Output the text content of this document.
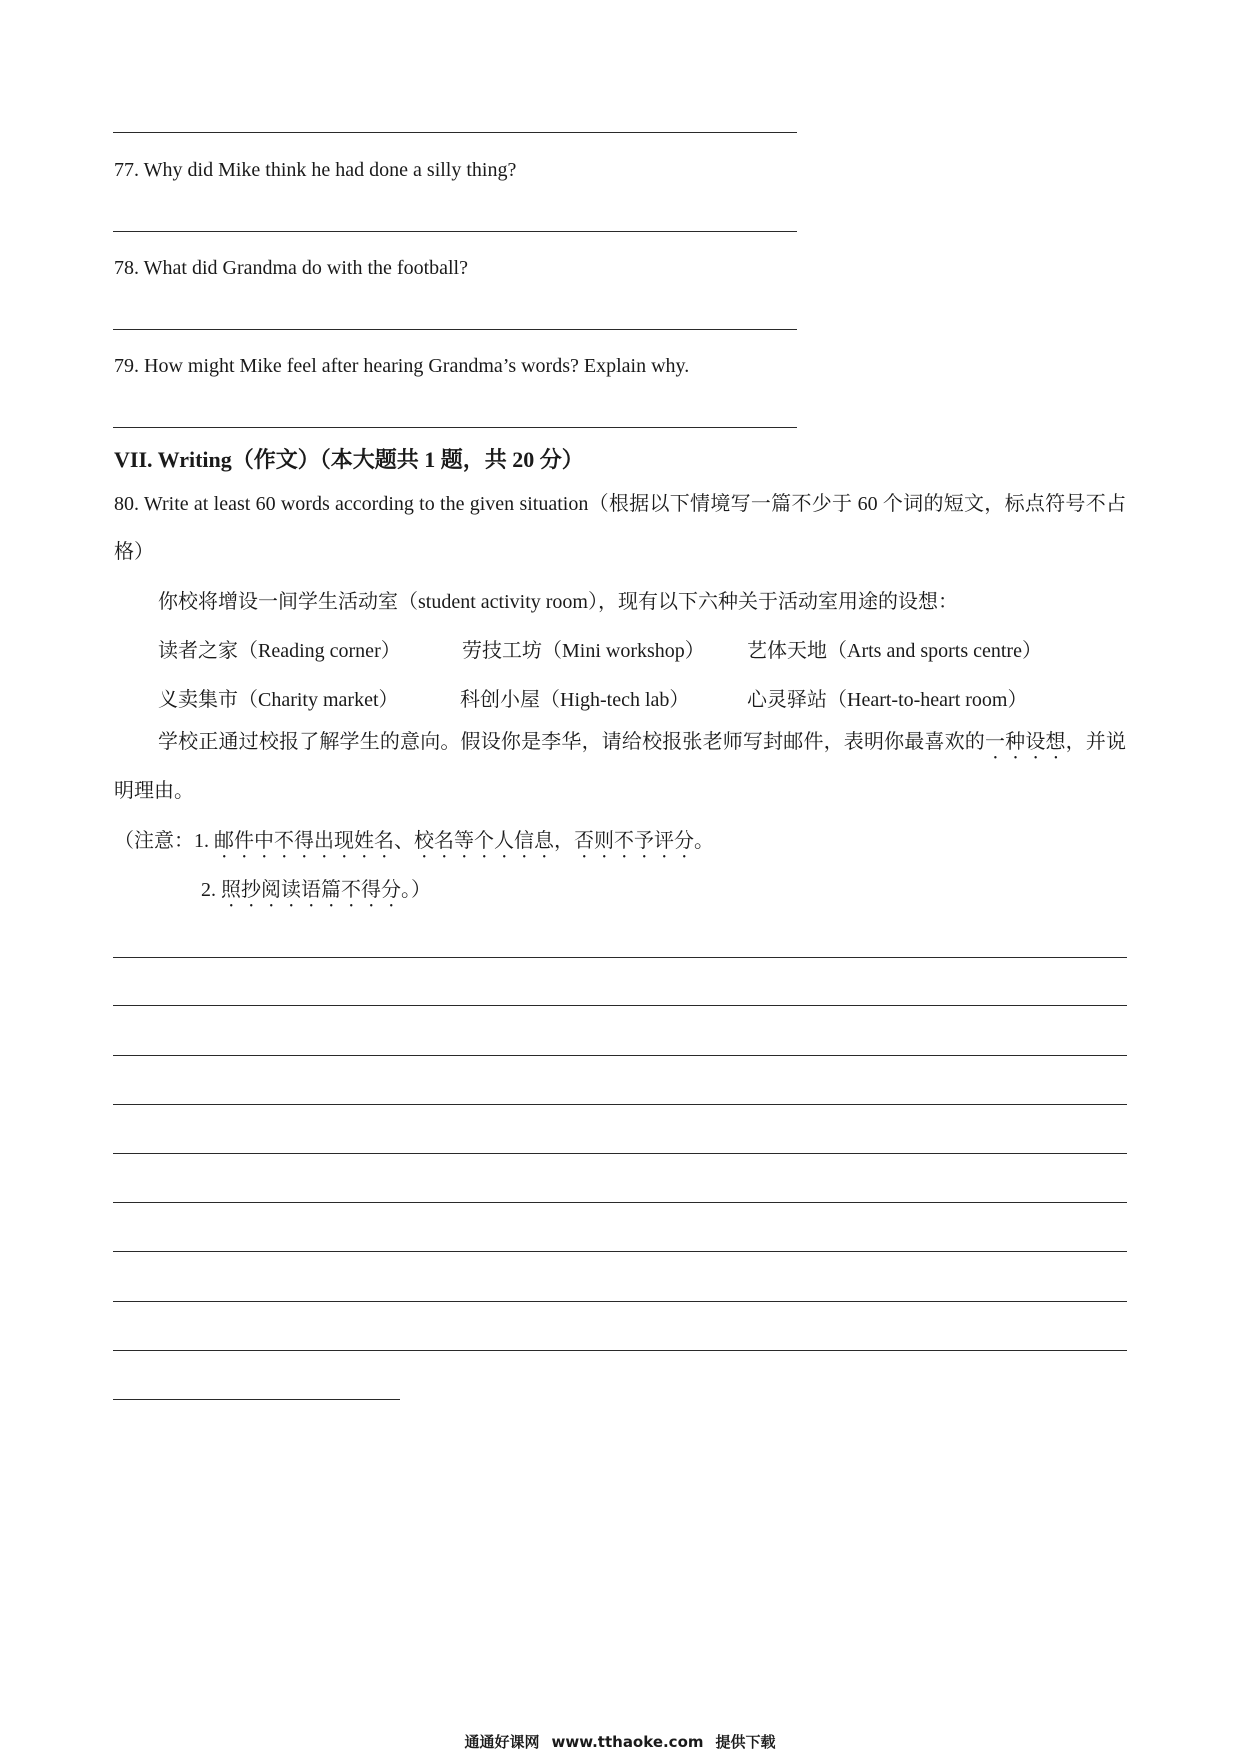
77. Why did Mike think he had done a silly thing?
78. What did Grandma do with the football?
79. How might Mike feel after hearing Grandma’s words? Explain why.
VII. Writing（作文）（本大题共 1 题，共 20 分）
80. Write at least 60 words according to the given situation（根据以下情境写一篇不少于 60 个词的短文，标点符号不占格）
你校将增设一间学生活动室（student activity room），现有以下六种关于活动室用途的设想：
读者之家（Reading corner）	劳技工坊（Mini workshop） 艺体天地（Arts and sports centre）
义卖集市（Charity market）	科创小屋（High-tech lab）	心灵驿站（Heart-to-heart room）
学校正通过校报了解学生的意向。假设你是李华，请给校报张老师写封邮件，表明你最喜欢的一种设想，并说明理由。
（注意：1. 邮件中不得出现姓名、校名等个人信息，否则不予评分。
2. 照抄阅读语篇不得分。）
通通好课网 www.tthaoke.com 提供下载
